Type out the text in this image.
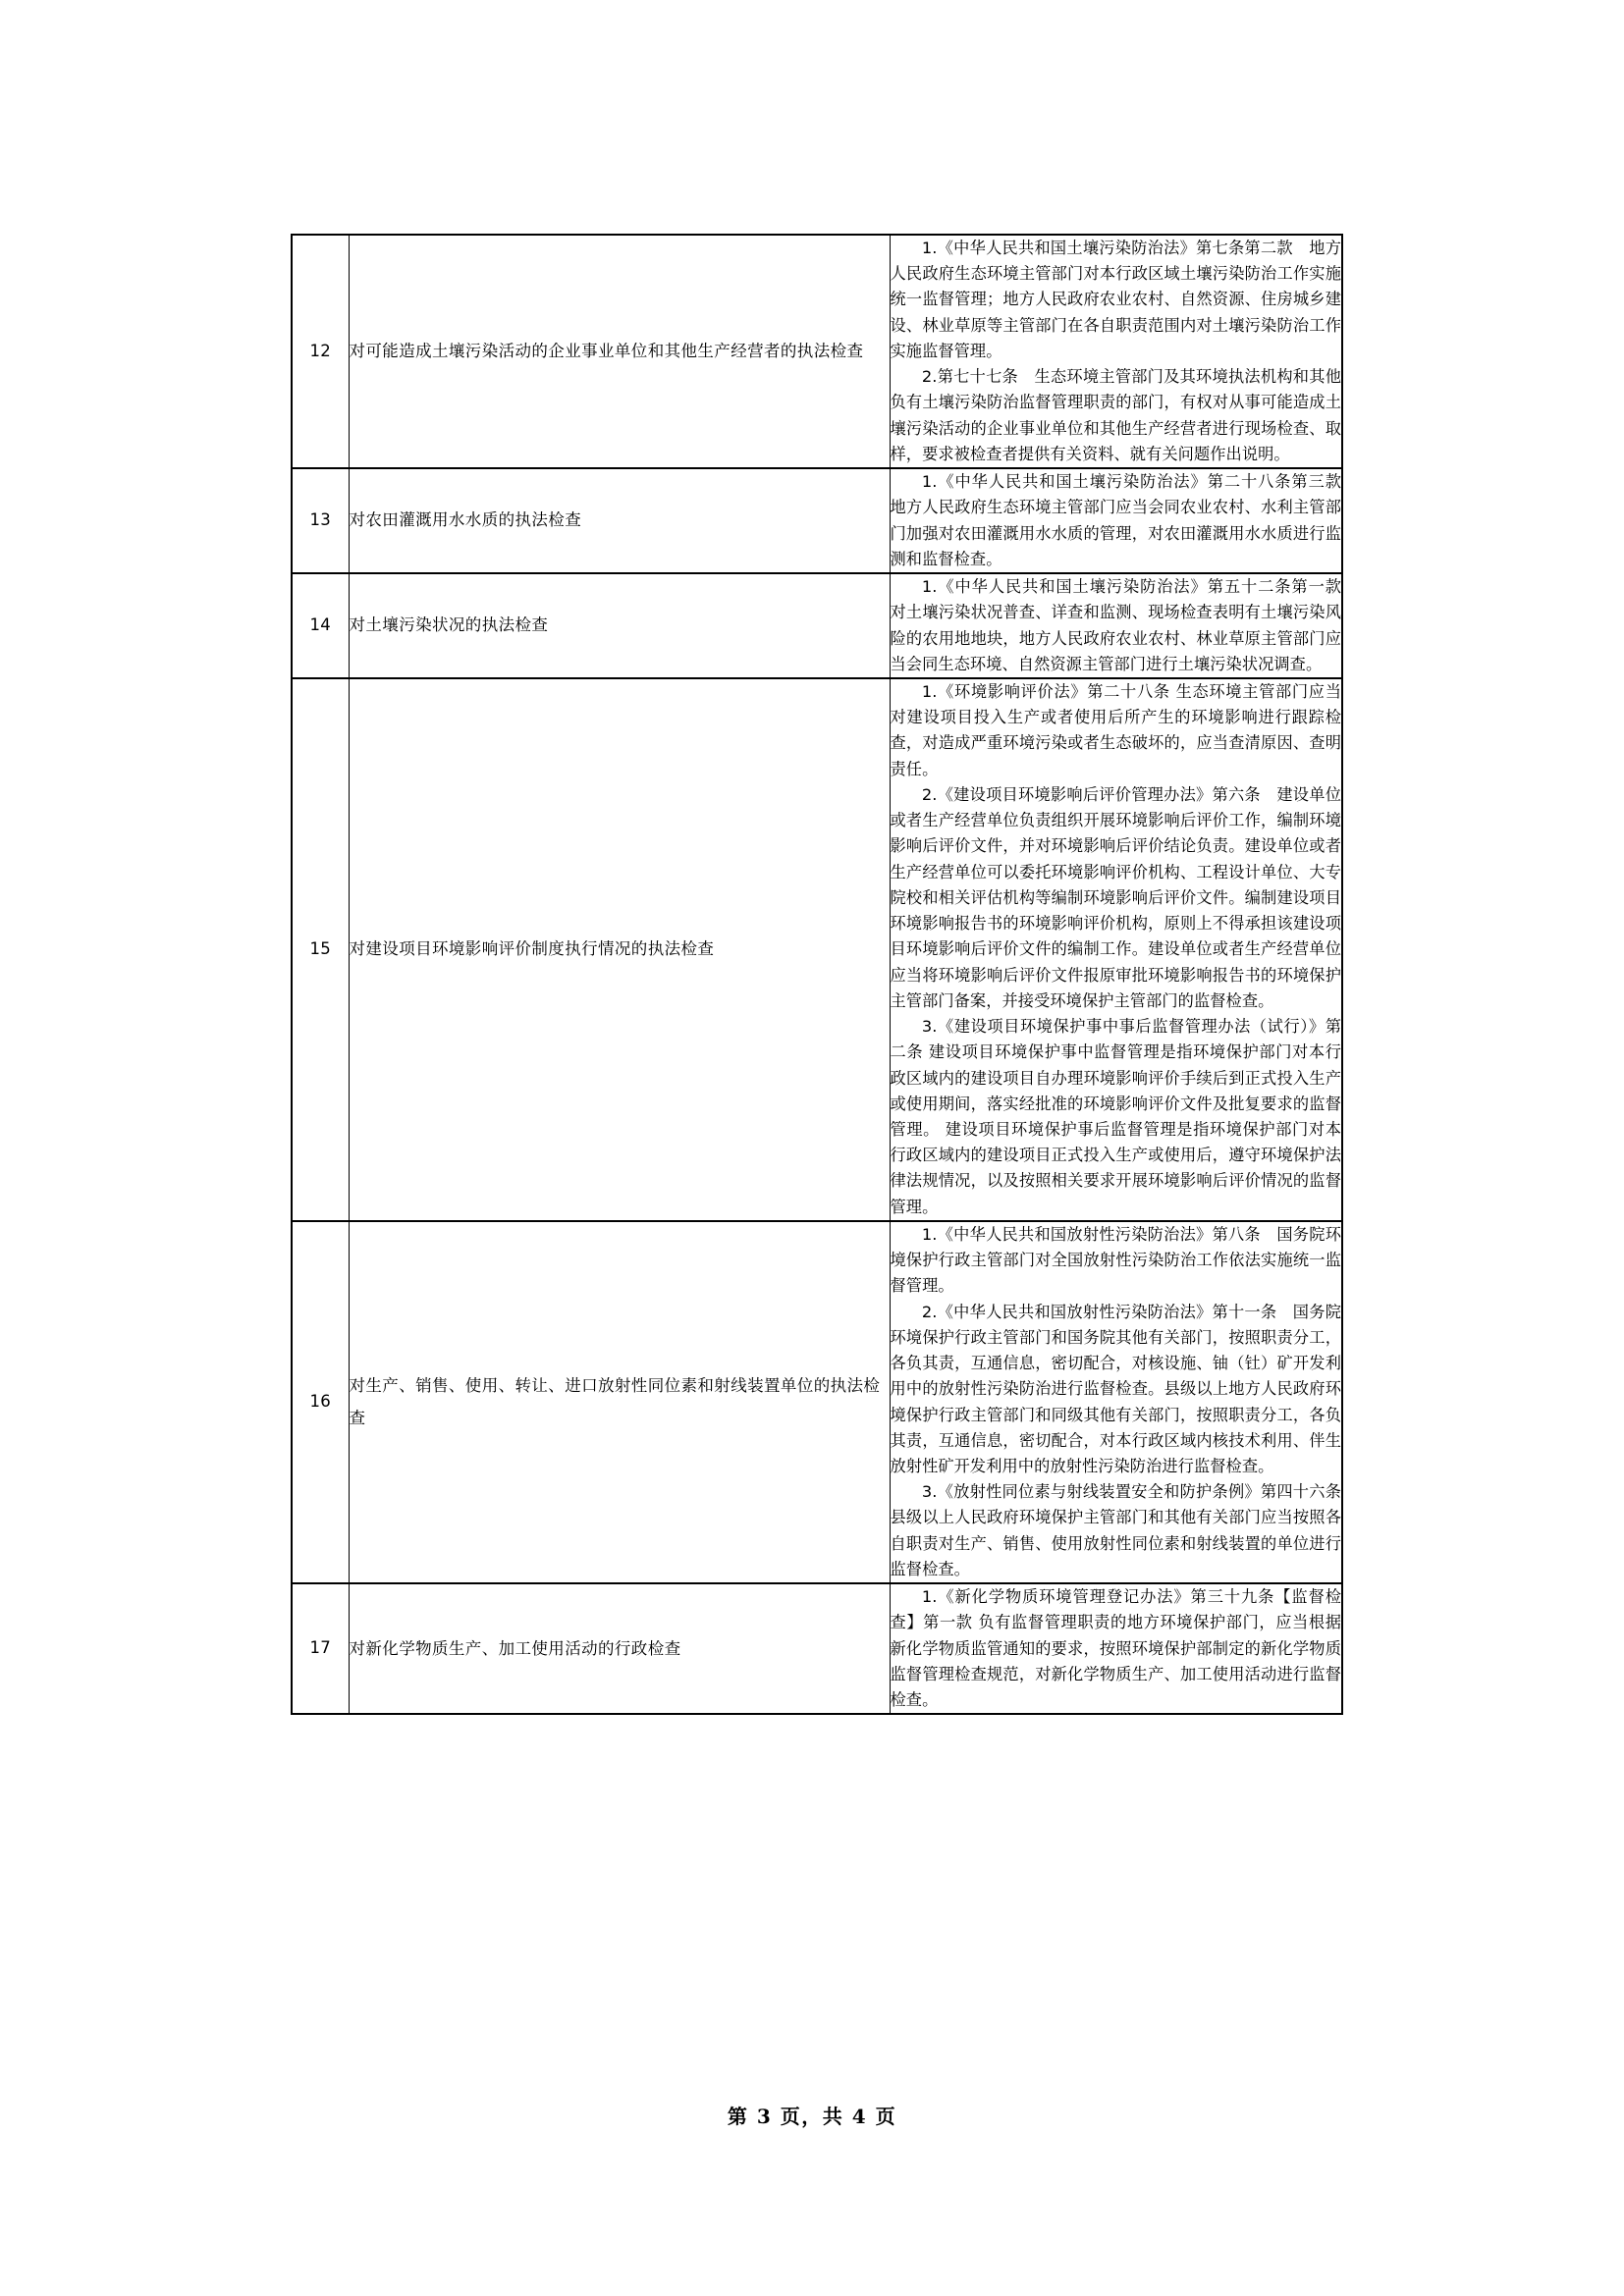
12	对可能造成土壤污染活动的企业事业单位和其他生产经营者的执法检查	1.《中华人民共和国土壤污染防治法》第七条第二款　地方人民政府生态环境主管部门对本行政区域土壤污染防治工作实施统一监督管理；地方人民政府农业农村、自然资源、住房城乡建设、林业草原等主管部门在各自职责范围内对土壤污染防治工作实施监督管理。

2.第七十七条　生态环境主管部门及其环境执法机构和其他负有土壤污染防治监督管理职责的部门，有权对从事可能造成土壤污染活动的企业事业单位和其他生产经营者进行现场检查、取样，要求被检查者提供有关资料、就有关问题作出说明。

13	对农田灌溉用水水质的执法检查	1.《中华人民共和国土壤污染防治法》第二十八条第三款　地方人民政府生态环境主管部门应当会同农业农村、水利主管部门加强对农田灌溉用水水质的管理，对农田灌溉用水水质进行监测和监督检查。

14	对土壤污染状况的执法检查	1.《中华人民共和国土壤污染防治法》第五十二条第一款　对土壤污染状况普查、详查和监测、现场检查表明有土壤污染风险的农用地地块，地方人民政府农业农村、林业草原主管部门应当会同生态环境、自然资源主管部门进行土壤污染状况调查。

15	对建设项目环境影响评价制度执行情况的执法检查	1.《环境影响评价法》第二十八条 生态环境主管部门应当对建设项目投入生产或者使用后所产生的环境影响进行跟踪检查，对造成严重环境污染或者生态破坏的，应当查清原因、查明责任。

2.《建设项目环境影响后评价管理办法》第六条　建设单位或者生产经营单位负责组织开展环境影响后评价工作，编制环境影响后评价文件，并对环境影响后评价结论负责。建设单位或者生产经营单位可以委托环境影响评价机构、工程设计单位、大专院校和相关评估机构等编制环境影响后评价文件。编制建设项目环境影响报告书的环境影响评价机构，原则上不得承担该建设项目环境影响后评价文件的编制工作。建设单位或者生产经营单位应当将环境影响后评价文件报原审批环境影响报告书的环境保护主管部门备案，并接受环境保护主管部门的监督检查。

3.《建设项目环境保护事中事后监督管理办法（试行）》第二条 建设项目环境保护事中监督管理是指环境保护部门对本行政区域内的建设项目自办理环境影响评价手续后到正式投入生产或使用期间，落实经批准的环境影响评价文件及批复要求的监督管理。 建设项目环境保护事后监督管理是指环境保护部门对本行政区域内的建设项目正式投入生产或使用后，遵守环境保护法律法规情况，以及按照相关要求开展环境影响后评价情况的监督管理。

16	对生产、销售、使用、转让、进口放射性同位素和射线装置单位的执法检查	1.《中华人民共和国放射性污染防治法》第八条　国务院环境保护行政主管部门对全国放射性污染防治工作依法实施统一监督管理。

2.《中华人民共和国放射性污染防治法》第十一条　国务院环境保护行政主管部门和国务院其他有关部门，按照职责分工，各负其责，互通信息，密切配合，对核设施、铀（钍）矿开发利用中的放射性污染防治进行监督检查。县级以上地方人民政府环境保护行政主管部门和同级其他有关部门，按照职责分工，各负其责，互通信息，密切配合，对本行政区域内核技术利用、伴生放射性矿开发利用中的放射性污染防治进行监督检查。

3.《放射性同位素与射线装置安全和防护条例》第四十六条县级以上人民政府环境保护主管部门和其他有关部门应当按照各自职责对生产、销售、使用放射性同位素和射线装置的单位进行监督检查。

17	对新化学物质生产、加工使用活动的行政检查	1.《新化学物质环境管理登记办法》第三十九条【监督检查】第一款 负有监督管理职责的地方环境保护部门，应当根据新化学物质监管通知的要求，按照环境保护部制定的新化学物质监督管理检查规范，对新化学物质生产、加工使用活动进行监督检查。

第 3 页，共 4 页
